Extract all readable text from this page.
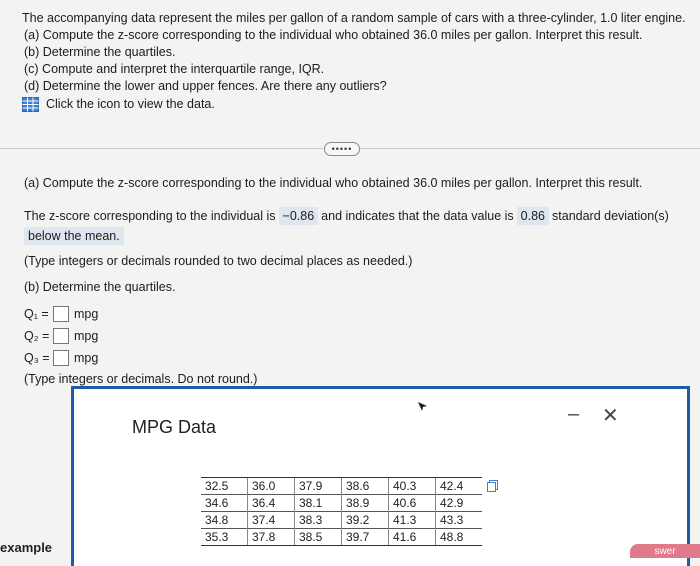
The accompanying data represent the miles per gallon of a random sample of cars with a three-cylinder, 1.0 liter engine.
(a) Compute the z-score corresponding to the individual who obtained 36.0 miles per gallon. Interpret this result.
(b) Determine the quartiles.
(c) Compute and interpret the interquartile range, IQR.
(d) Determine the lower and upper fences. Are there any outliers?
Click the icon to view the data.
•••••
(a) Compute the z-score corresponding to the individual who obtained 36.0 miles per gallon. Interpret this result.
The z-score corresponding to the individual is −0.86 and indicates that the data value is 0.86 standard deviation(s)
below the mean.
(Type integers or decimals rounded to two decimal places as needed.)
(b) Determine the quartiles.
Q₁ = mpg
Q₂ = mpg
Q₃ = mpg
(Type integers or decimals. Do not round.)
MPG Data
– ✕
32.5	36.0	37.9	38.6	40.3	42.4
34.6	36.4	38.1	38.9	40.6	42.9
34.8	37.4	38.3	39.2	41.3	43.3
35.3	37.8	38.5	39.7	41.6	48.8
example	swer
